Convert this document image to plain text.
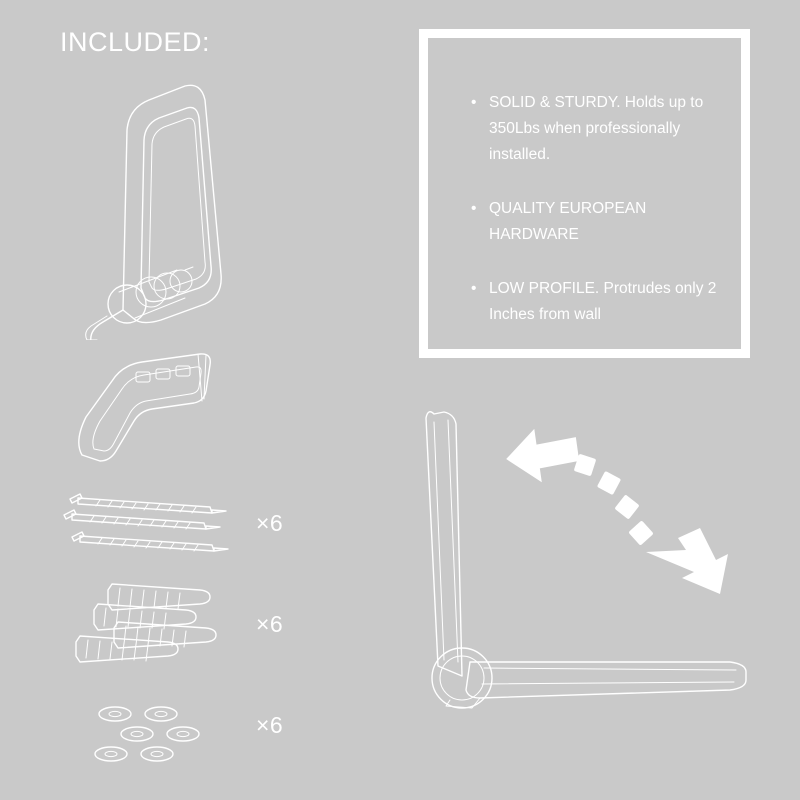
INCLUDED:
• SOLID & STURDY. Holds up to 350Lbs when professionally installed.
• QUALITY EUROPEAN HARDWARE
• LOW PROFILE. Protrudes only 2 Inches from wall
×6
×6
×6
